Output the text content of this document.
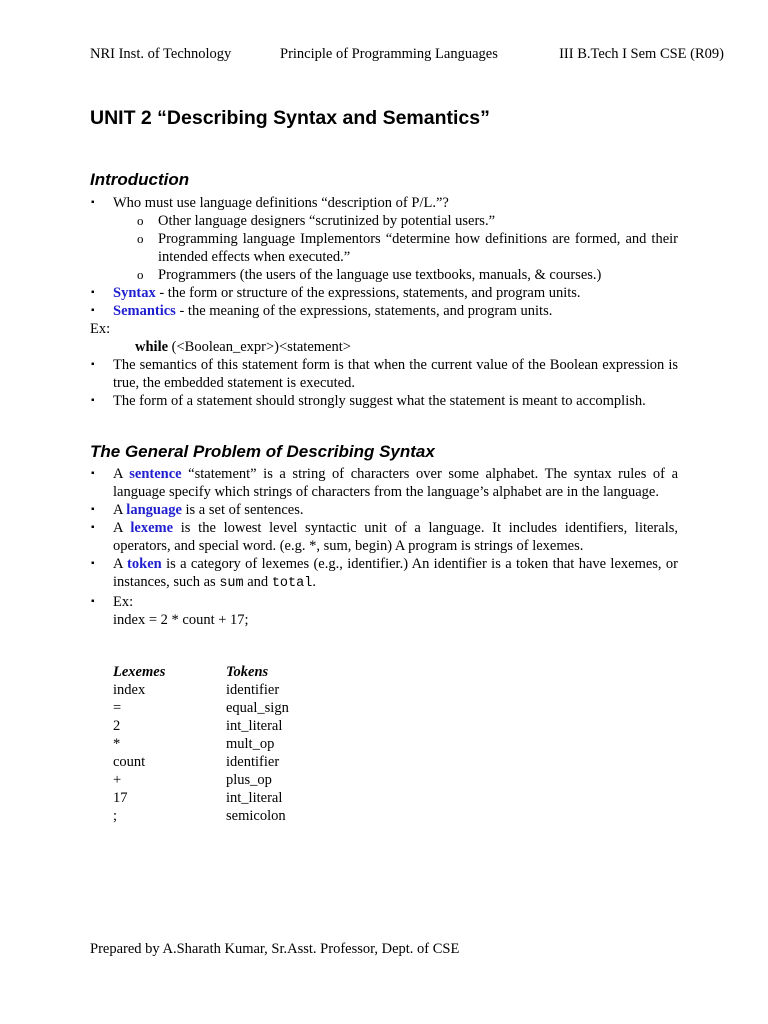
NRI Inst. of Technology	Principle of Programming Languages	III B.Tech I Sem CSE (R09)
UNIT 2 “Describing Syntax and Semantics”
Introduction
▪ Who must use language definitions “description of P/L.”?
o Other language designers “scrutinized by potential users.”
o Programming language Implementors “determine how definitions are formed, and their intended effects when executed.”
o Programmers (the users of the language use textbooks, manuals, & courses.)
▪ Syntax - the form or structure of the expressions, statements, and program units.
▪ Semantics - the meaning of the expressions, statements, and program units.
Ex:
while (<Boolean_expr>)<statement>
▪ The semantics of this statement form is that when the current value of the Boolean expression is true, the embedded statement is executed.
▪ The form of a statement should strongly suggest what the statement is meant to accomplish.
The General Problem of Describing Syntax
▪ A sentence “statement” is a string of characters over some alphabet. The syntax rules of a language specify which strings of characters from the language’s alphabet are in the language.
▪ A language is a set of sentences.
▪ A lexeme is the lowest level syntactic unit of a language. It includes identifiers, literals, operators, and special word. (e.g. *, sum, begin) A program is strings of lexemes.
▪ A token is a category of lexemes (e.g., identifier.) An identifier is a token that have lexemes, or instances, such as sum and total.
▪ Ex:
index = 2 * count + 17;
Lexemes	Tokens
index	identifier
=	equal_sign
2	int_literal
*	mult_op
count	identifier
+	plus_op
17	int_literal
;	semicolon
Prepared by A.Sharath Kumar, Sr.Asst. Professor, Dept. of CSE
